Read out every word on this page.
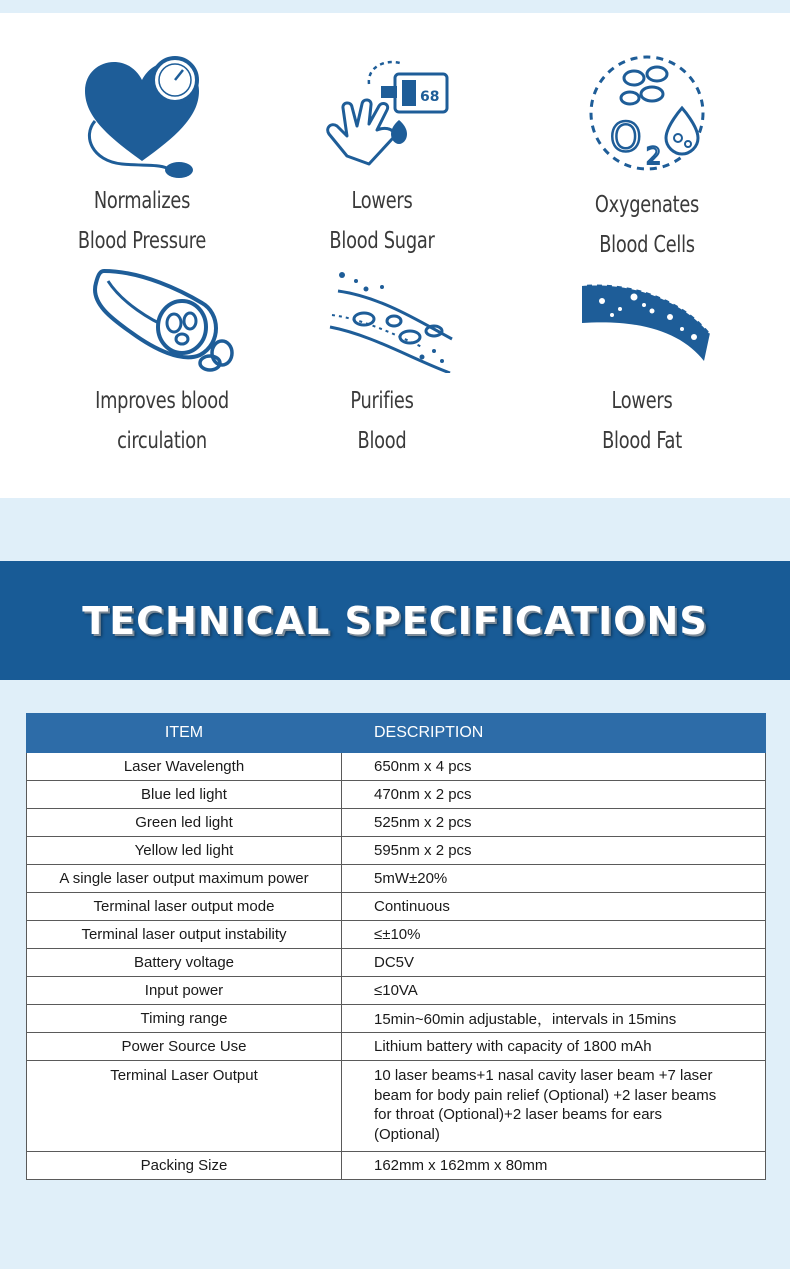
Normalizes
Blood Pressure
68
Lowers
Blood Sugar
O 2
Oxygenates
Blood Cells
Improves blood
circulation
Purifies
Blood
Lowers
Blood Fat
TECHNICAL SPECIFICATIONS
ITEM	DESCRIPTION
Laser Wavelength	650nm x 4 pcs
Blue led light	470nm x 2 pcs
Green led light	525nm x 2 pcs
Yellow led light	595nm x 2 pcs
A single laser output maximum power	5mW±20%
Terminal laser output mode	Continuous
Terminal laser output instability	≤±10%
Battery voltage	DC5V
Input power	≤10VA
Timing range	15min~60min adjustable，intervals in 15mins
Power Source Use	Lithium battery with capacity of 1800 mAh
Terminal Laser Output	10 laser beams+1 nasal cavity laser beam +7 laser beam for body pain relief (Optional) +2 laser beams for throat (Optional)+2 laser beams for ears (Optional)
Packing Size	162mm x 162mm x 80mm
